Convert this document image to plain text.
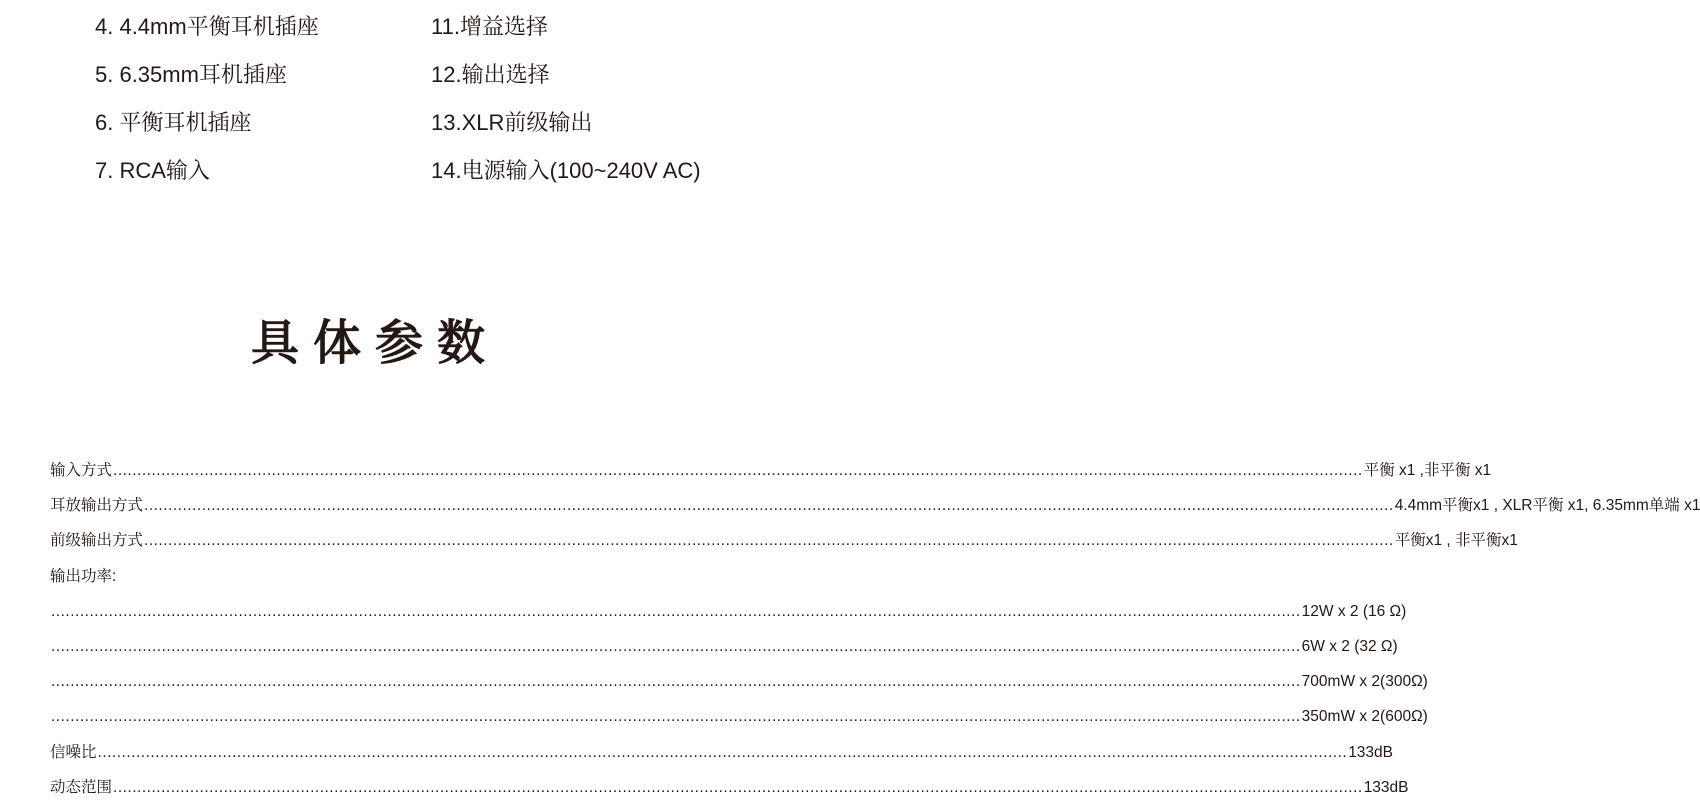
4. 4.4mm平衡耳机插座
5. 6.35mm耳机插座
6. 平衡耳机插座
7. RCA输入
11.增益选择
12.输出选择
13.XLR前级输出
14.电源输入(100~240V AC)
具体参数
输入方式 .................................................................................................................................................................................................................................................................... 平衡 x1 ,非平衡 x1
耳放输出方式 .................................................................................................................................................................................................................................................................... 4.4mm平衡x1 , XLR平衡 x1, 6.35mm单端 x1
前级输出方式 .................................................................................................................................................................................................................................................................... 平衡x1 , 非平衡x1
输出功率:
.................................................................................................................................................................................................................................................................... 12W x 2 (16 Ω)
.................................................................................................................................................................................................................................................................... 6W x 2 (32 Ω)
.................................................................................................................................................................................................................................................................... 700mW x 2(300Ω)
.................................................................................................................................................................................................................................................................... 350mW x 2(600Ω)
信噪比 .................................................................................................................................................................................................................................................................... 133dB
动态范围 .................................................................................................................................................................................................................................................................... 133dB
